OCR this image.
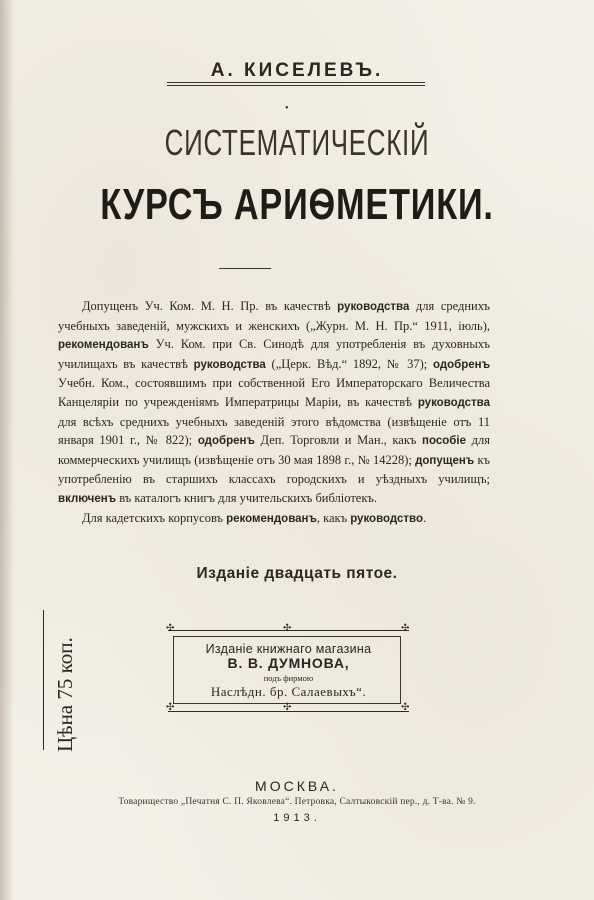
А. КИСЕЛЕВЪ.
•
СИСТЕМАТИЧЕСКІЙ
КУРСЪ АРИѲМЕТИКИ.
Допущенъ Уч. Ком. М. Н. Пр. въ качествѣ руководства для среднихъ учебныхъ заведеній, мужскихъ и женскихъ („Журн. М. Н. Пр.“ 1911, іюль), рекомендованъ Уч. Ком. при Св. Синодѣ для употребленія въ духовныхъ училищахъ въ качествѣ руководства („Церк. Вѣд.“ 1892, № 37); одобренъ Учебн. Ком., состоявшимъ при собственной Его Императорскаго Величества Канцеляріи по учрежденіямъ Императрицы Маріи, въ качествѣ руководства для всѣхъ среднихъ учебныхъ заведеній этого вѣдомства (извѣщеніе отъ 11 января 1901 г., № 822); одобренъ Деп. Торговли и Ман., какъ пособіе для коммерческихъ училищъ (извѣщеніе отъ 30 мая 1898 г., № 14228); допущенъ къ употребленію въ старшихъ классахъ городскихъ и уѣздныхъ училищъ; включенъ въ каталогъ книгъ для учительскихъ библіотекъ.
Для кадетскихъ корпусовъ рекомендованъ, какъ руководство.
Изданіе двадцать пятое.
Цѣна 75 коп.
✣	✣	✣
✣	✣	✣
Изданіе книжнаго магазина
В. В. ДУМНОВА,
подъ фирмою
Наслѣдн. бр. Салаевыхъ“.
МОСКВА.
Товарищество „Печатня С. П. Яковлева“. Петровка, Салтыковскій пер., д. Т-ва. № 9.
1913.
